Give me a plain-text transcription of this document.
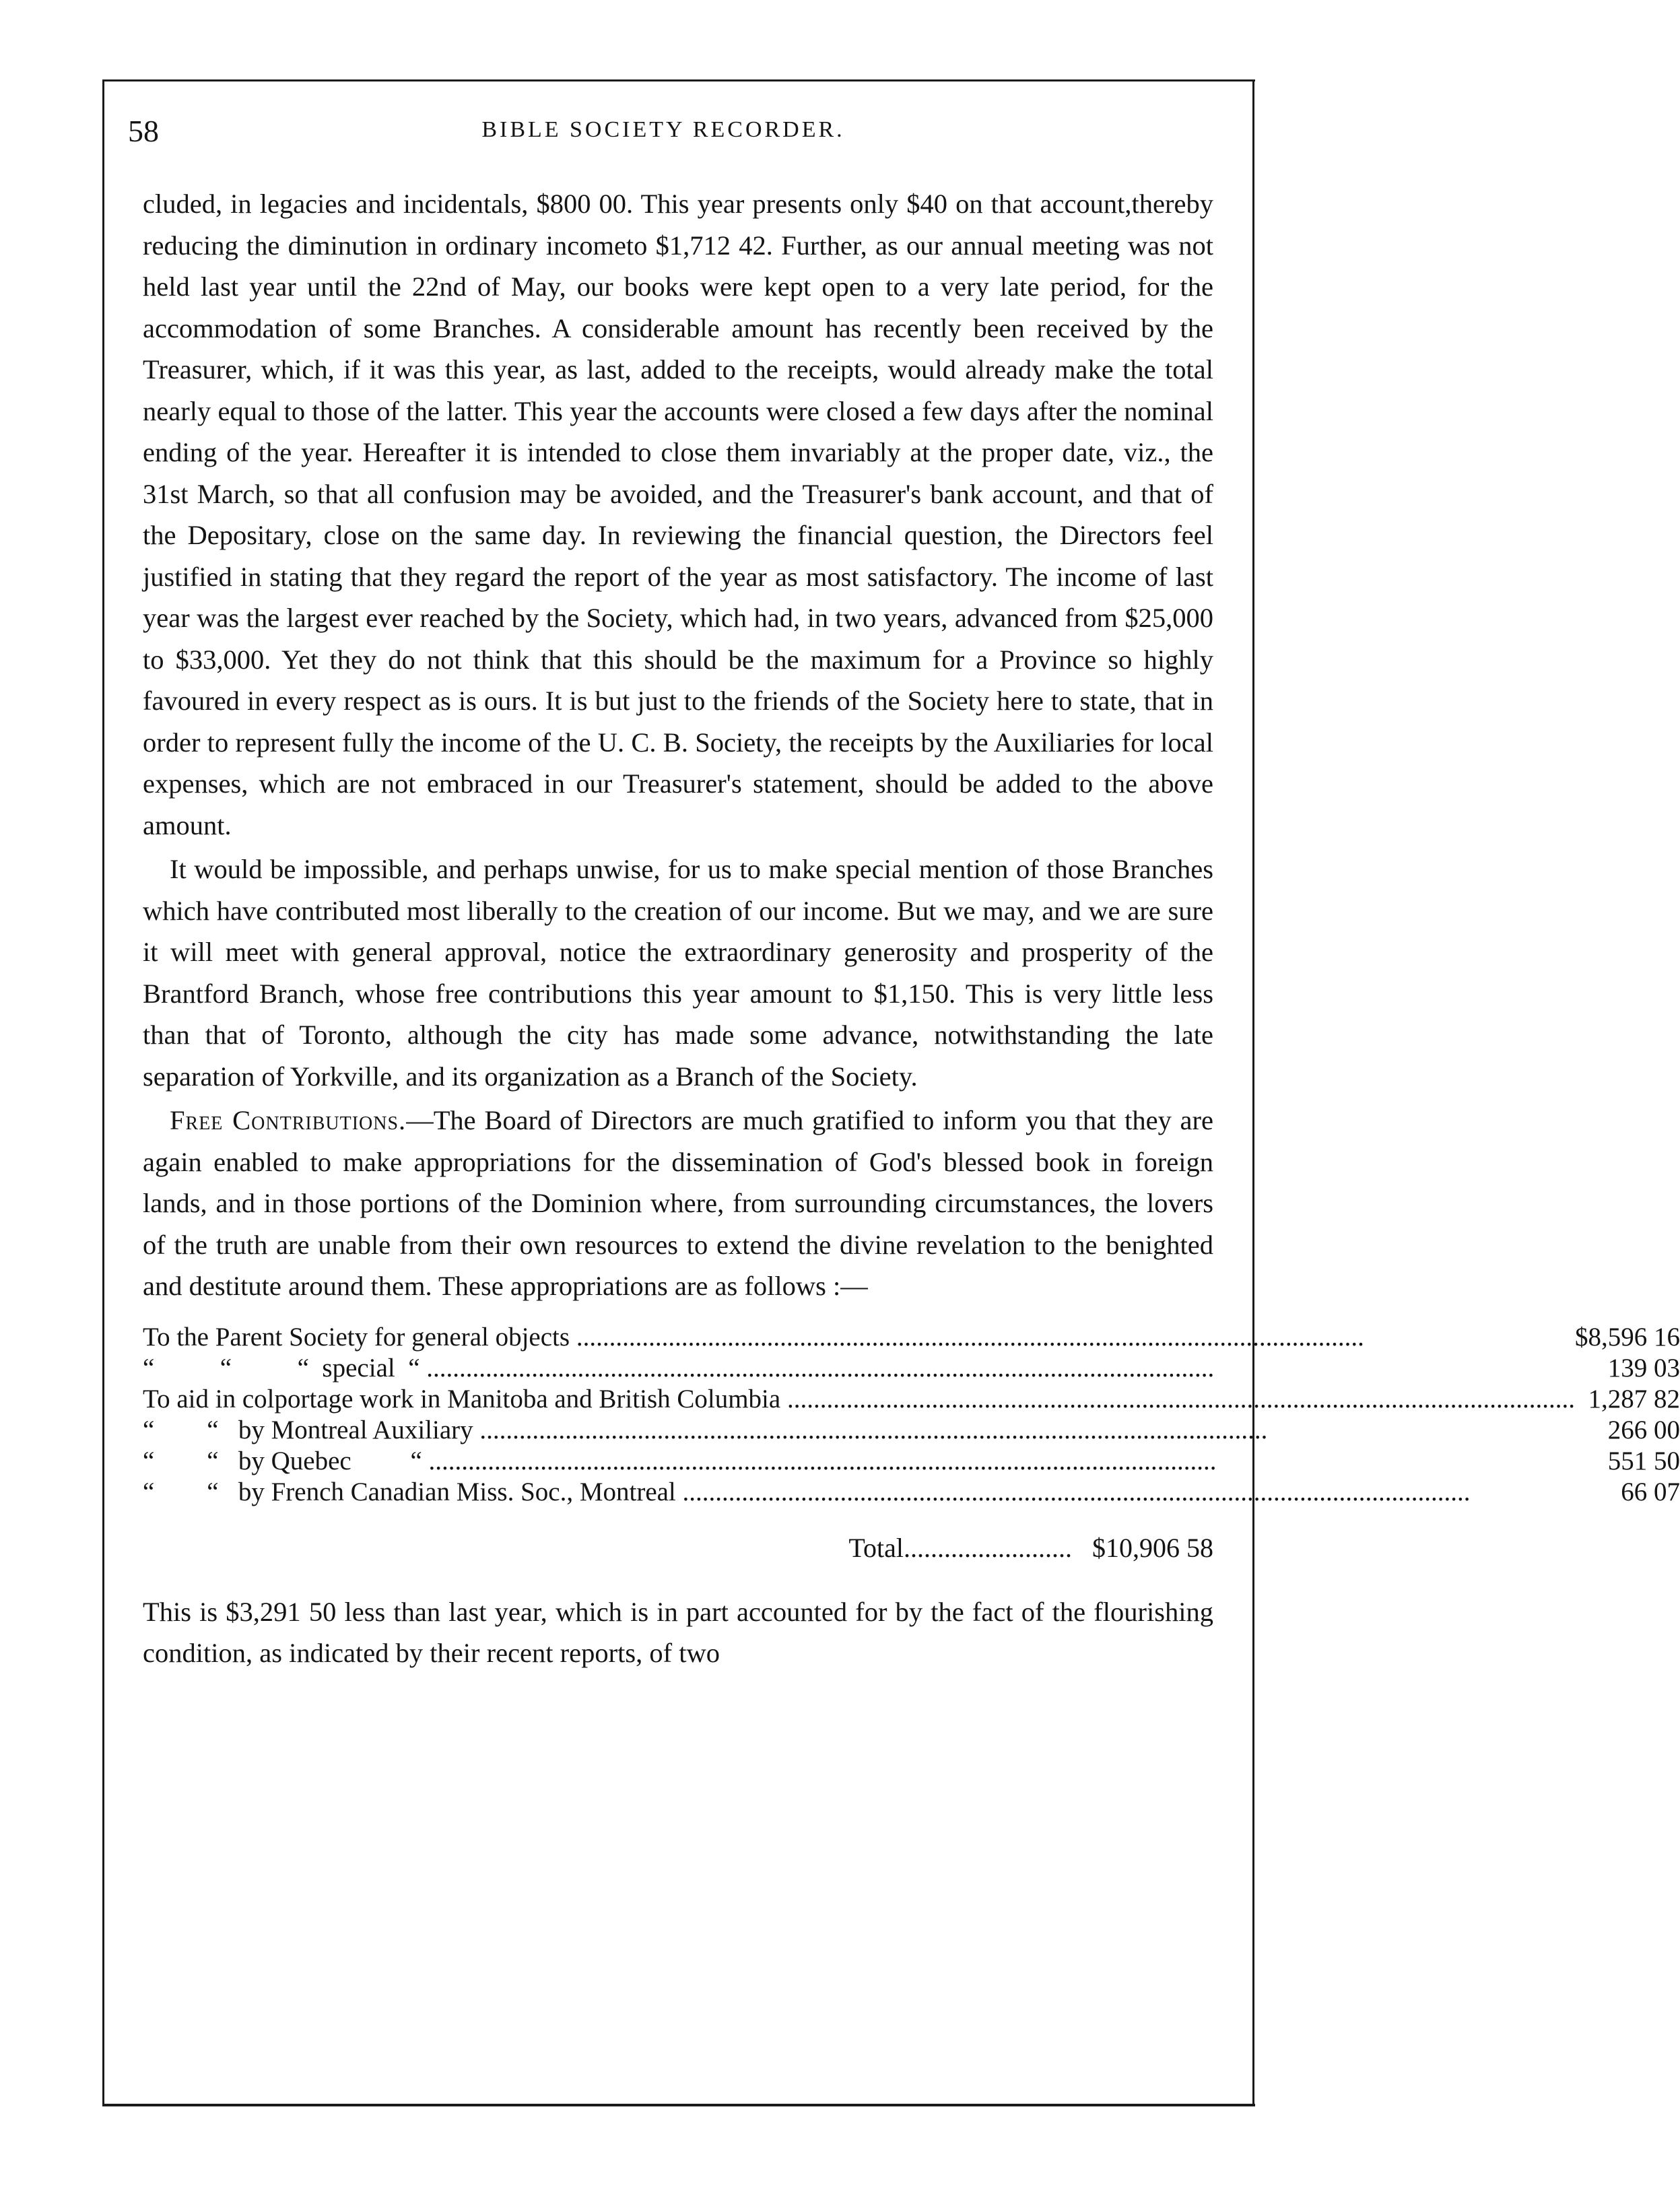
58	BIBLE SOCIETY RECORDER.

cluded, in legacies and incidentals, $800 00. This year presents only $40 on that account,thereby reducing the diminution in ordinary incometo $1,712 42. Further, as our annual meeting was not held last year until the 22nd of May, our books were kept open to a very late period, for the accommodation of some Branches. A considerable amount has recently been received by the Treasurer, which, if it was this year, as last, added to the receipts, would already make the total nearly equal to those of the latter. This year the accounts were closed a few days after the nominal ending of the year. Hereafter it is intended to close them invariably at the proper date, viz., the 31st March, so that all confusion may be avoided, and the Treasurer's bank account, and that of the Depositary, close on the same day. In reviewing the financial question, the Directors feel justified in stating that they regard the report of the year as most satisfactory. The income of last year was the largest ever reached by the Society, which had, in two years, advanced from $25,000 to $33,000. Yet they do not think that this should be the maximum for a Province so highly favoured in every respect as is ours. It is but just to the friends of the Society here to state, that in order to represent fully the income of the U. C. B. Society, the receipts by the Auxiliaries for local expenses, which are not embraced in our Treasurer's statement, should be added to the above amount.

It would be impossible, and perhaps unwise, for us to make special mention of those Branches which have contributed most liberally to the creation of our income. But we may, and we are sure it will meet with general approval, notice the extraordinary generosity and prosperity of the Brantford Branch, whose free contributions this year amount to $1,150. This is very little less than that of Toronto, although the city has made some advance, notwithstanding the late separation of Yorkville, and its organization as a Branch of the Society.

Free Contributions.—The Board of Directors are much gratified to inform you that they are again enabled to make appropriations for the dissemination of God's blessed book in foreign lands, and in those portions of the Dominion where, from surrounding circumstances, the lovers of the truth are unable from their own resources to extend the divine revelation to the benighted and destitute around them. These appropriations are as follows :—

To the Parent Society for general objects ........................................................................................................................	$8,596 16
“          “          “  special  “ ........................................................................................................................	139 03
To aid in colportage work in Manitoba and British Columbia ........................................................................................................................	1,287 82
“        “   by Montreal Auxiliary ........................................................................................................................	266 00
“        “   by Quebec         “ ........................................................................................................................	551 50
“        “   by French Canadian Miss. Soc., Montreal ........................................................................................................................	66 07
Total......................... $10,906 58

This is $3,291 50 less than last year, which is in part accounted for by the fact of the flourishing condition, as indicated by their recent reports, of two
